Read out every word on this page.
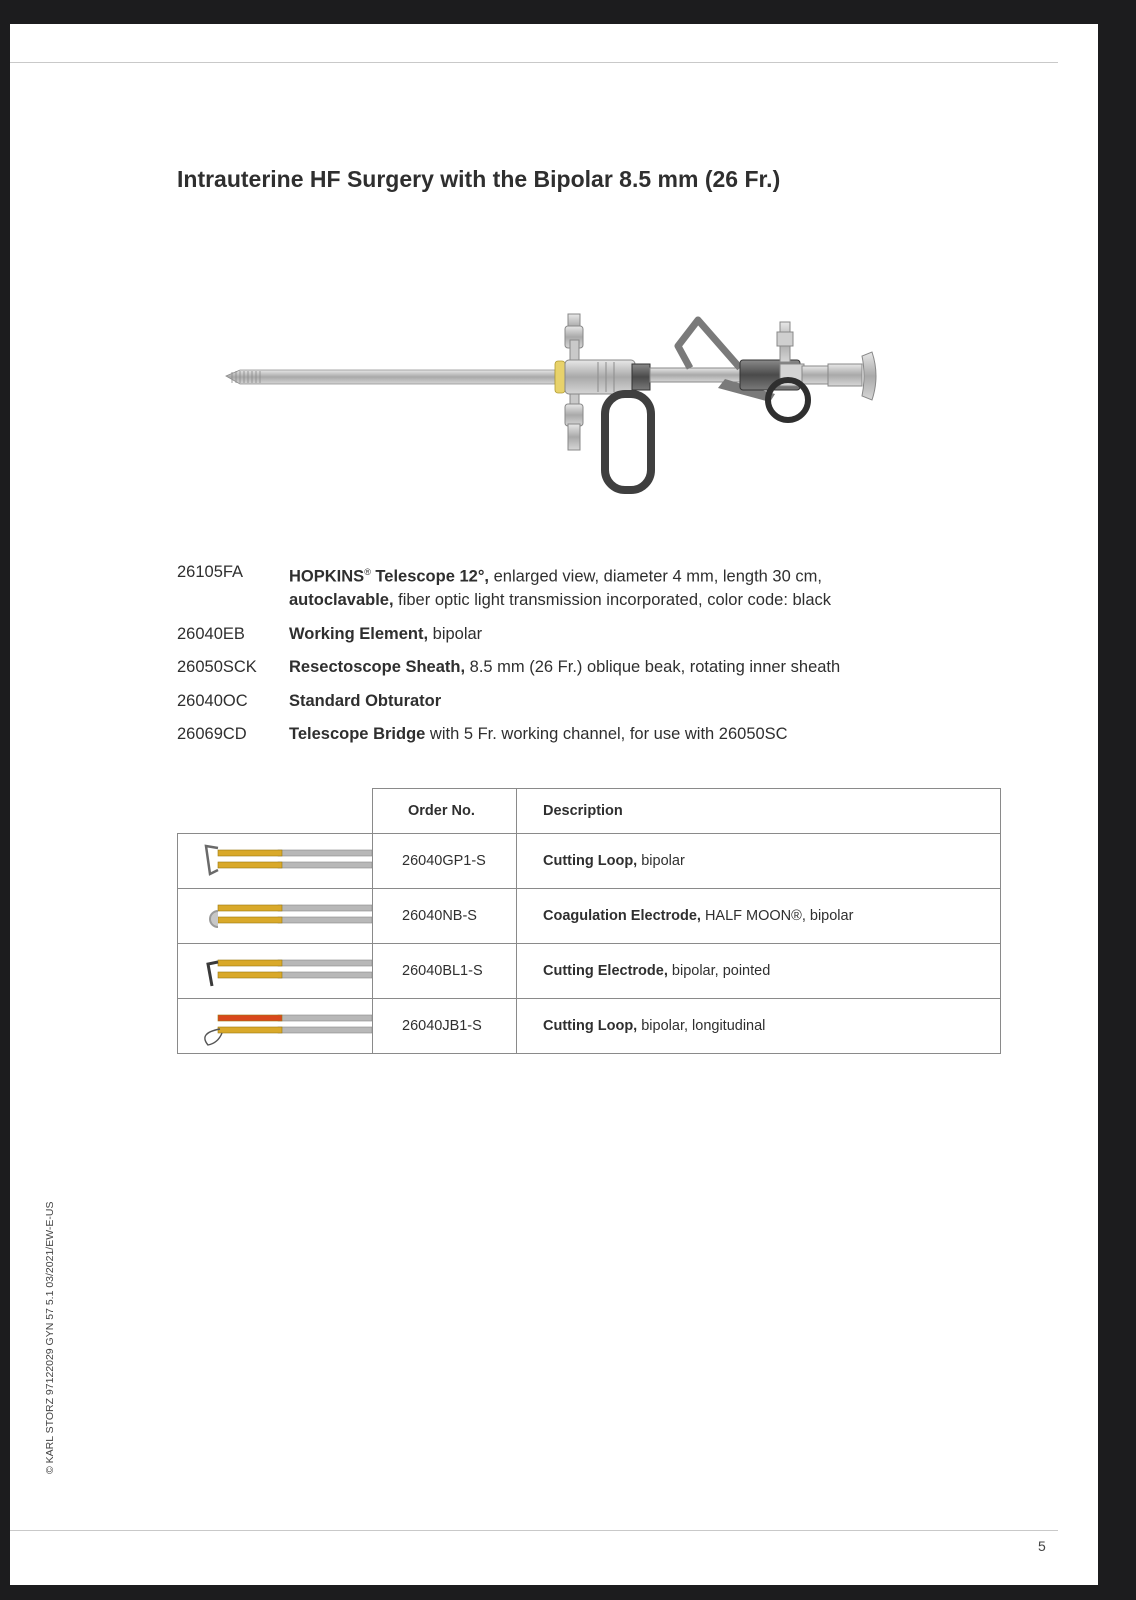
Intrauterine HF Surgery with the Bipolar 8.5 mm (26 Fr.)
26105FA	HOPKINS® Telescope 12°, enlarged view, diameter 4 mm, length 30 cm,
autoclavable, fiber optic light transmission incorporated, color code: black
26040EB	Working Element, bipolar
26050SCK	Resectoscope Sheath, 8.5 mm (26 Fr.) oblique beak, rotating inner sheath
26040OC	Standard Obturator
26069CD	Telescope Bridge with 5 Fr. working channel, for use with 26050SC
	Order No.	Description

	26040GP1-S	Cutting Loop, bipolar

	26040NB-S	Coagulation Electrode, HALF MOON®, bipolar

	26040BL1-S	Cutting Electrode, bipolar, pointed

	26040JB1-S	Cutting Loop, bipolar, longitudinal
© KARL STORZ 97122029 GYN 57 5.1 03/2021/EW-E-US
5
